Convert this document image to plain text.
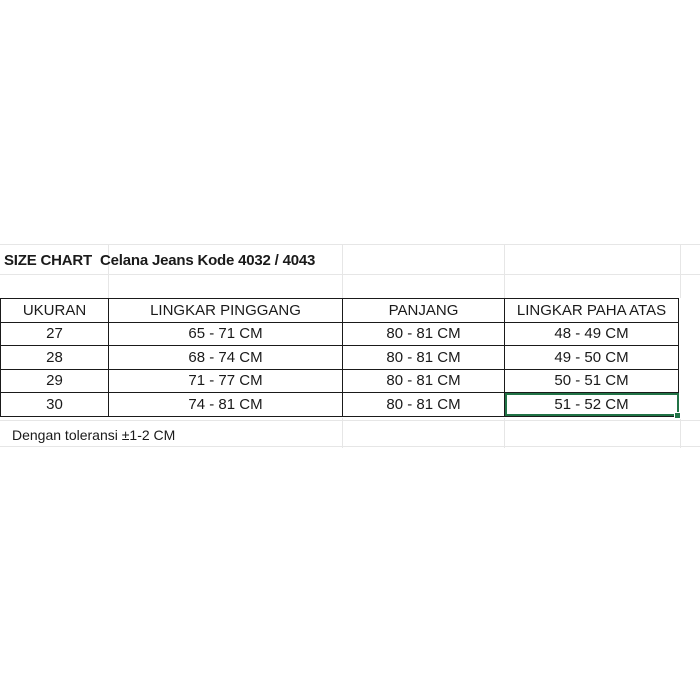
SIZE CHART Celana Jeans Kode 4032 / 4043
UKURAN	LINGKAR PINGGANG	PANJANG	LINGKAR PAHA ATAS
27	65 - 71 CM	80 - 81 CM	48 - 49 CM
28	68 - 74 CM	80 - 81 CM	49 - 50 CM
29	71 - 77 CM	80 - 81 CM	50 - 51 CM
30	74 - 81 CM	80 - 81 CM	51 - 52 CM
Dengan toleransi ±1-2 CM
